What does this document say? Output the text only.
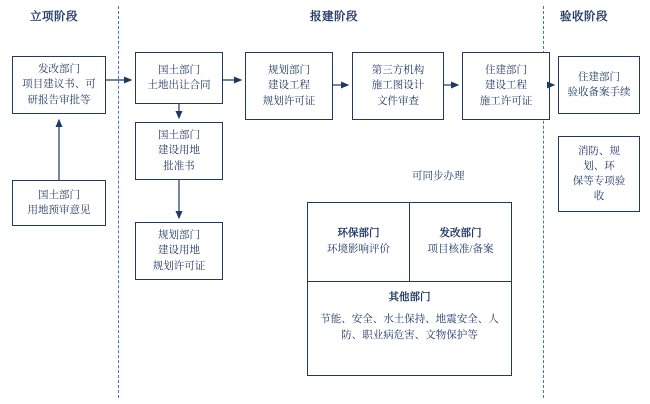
立项阶段	报建阶段	验收阶段
发改部门
项目建议书、可
研报告审批等
国土部门
用地预审意见
国土部门
土地出让合同
国土部门
建设用地
批准书
规划部门
建设用地
规划许可证
规划部门
建设工程
规划许可证
第三方机构
施工图设计
文件审查
住建部门
建设工程
施工许可证
住建部门
验收备案手续
消防、规
划、环
保等专项验
收
可同步办理
环保部门
环境影响评价
发改部门
项目核准/备案
其他部门
节能、安全、水土保持、地震安全、人防、职业病危害、文物保护等
